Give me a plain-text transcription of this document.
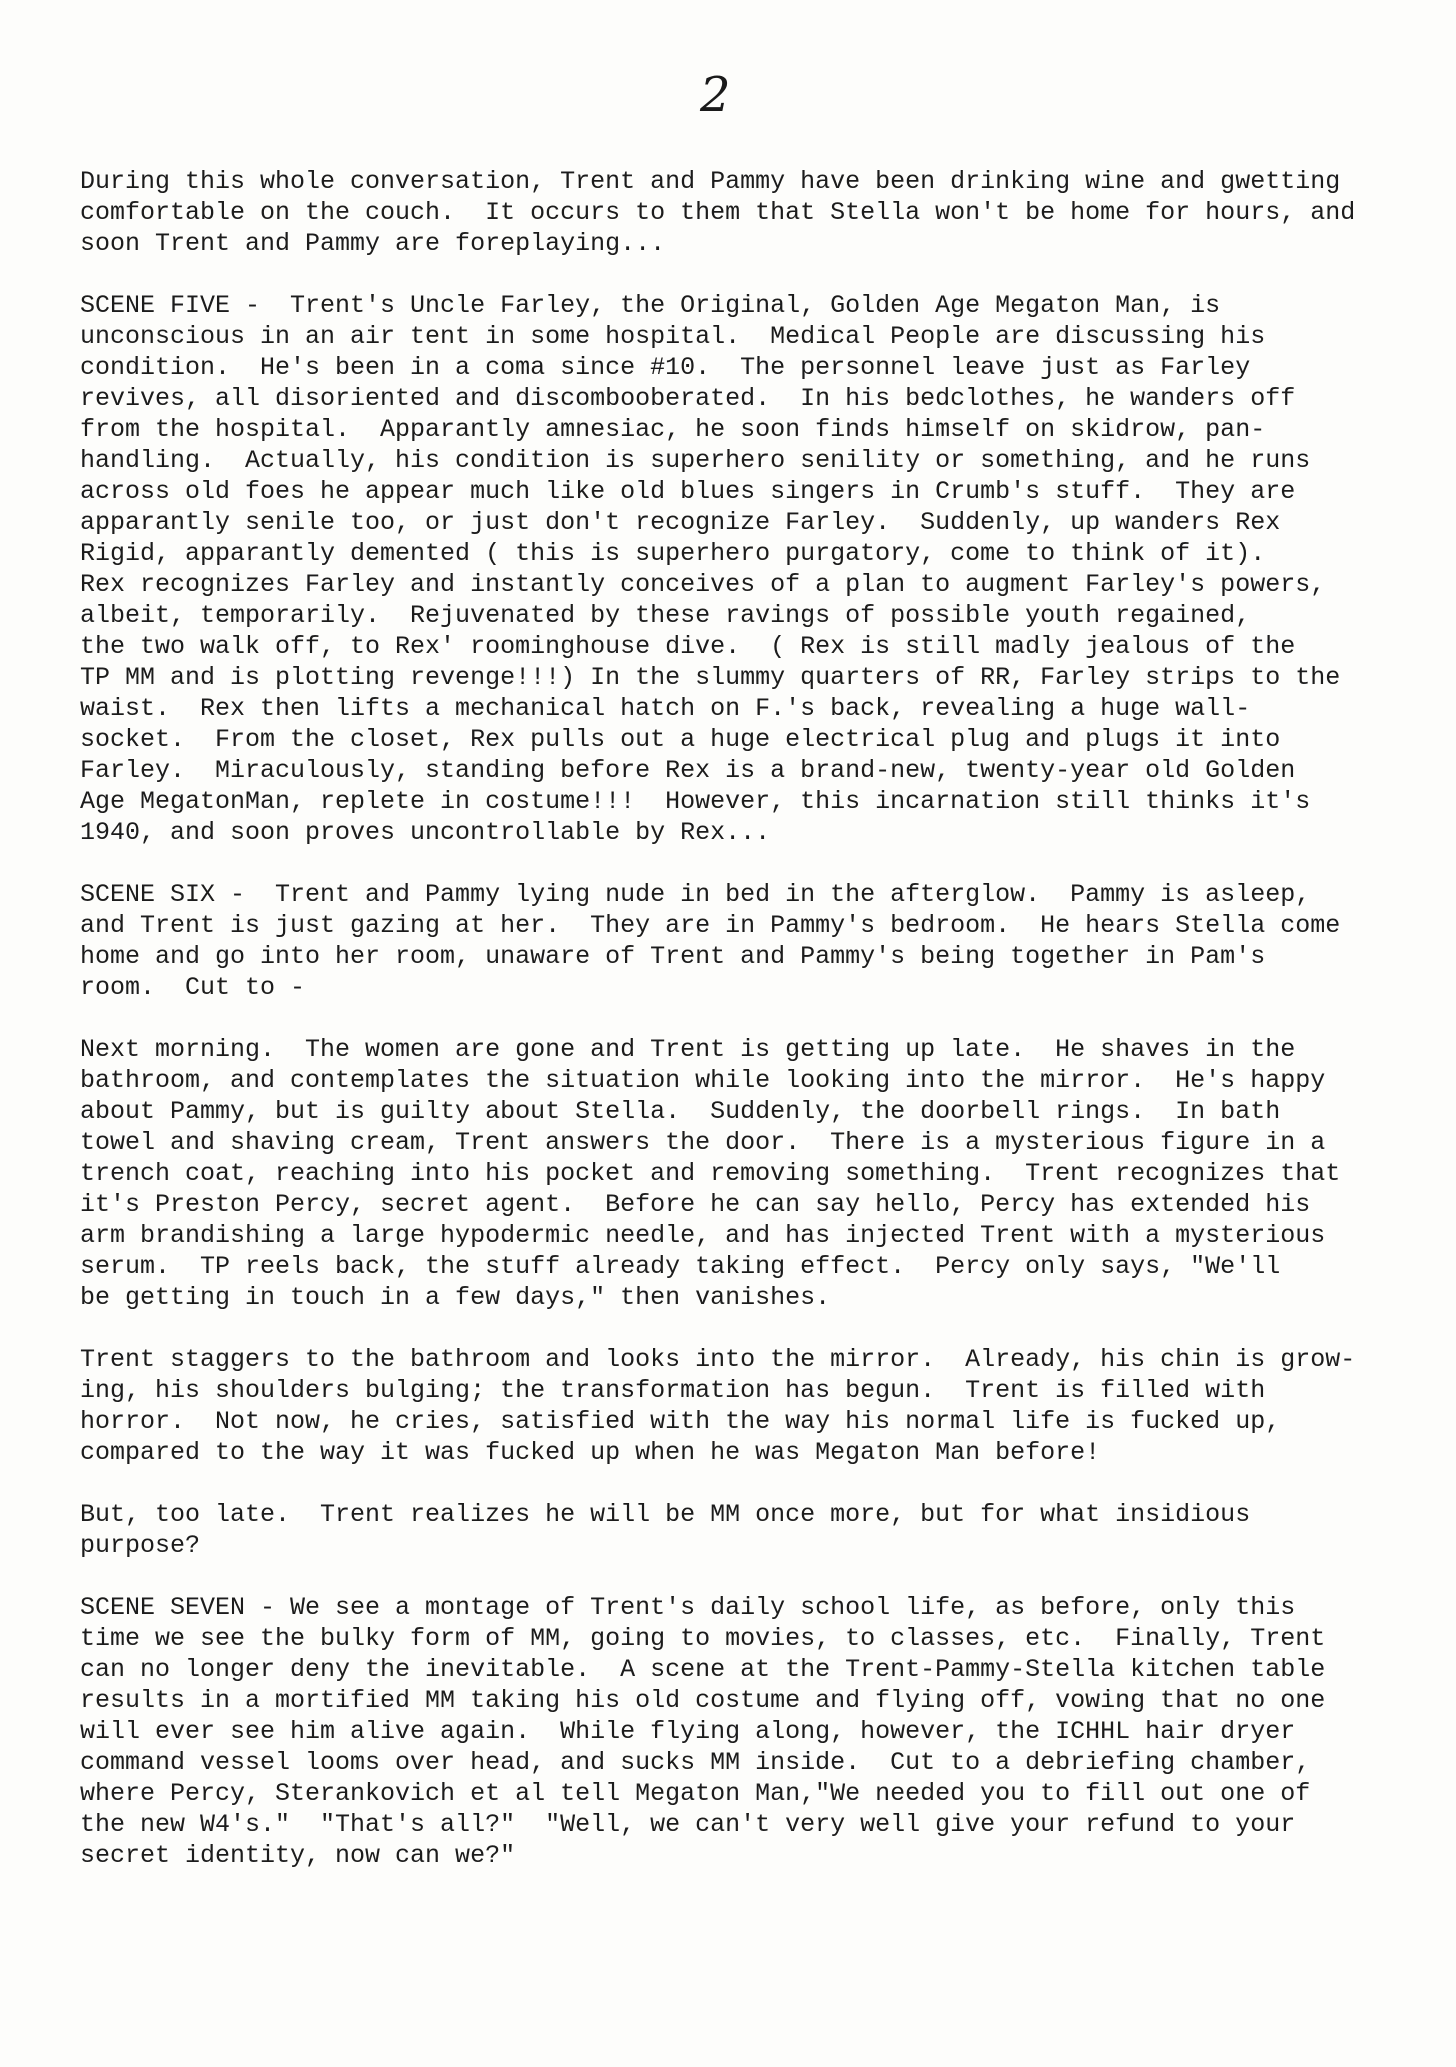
2
During this whole conversation, Trent and Pammy have been drinking wine and gwetting
comfortable on the couch.  It occurs to them that Stella won't be home for hours, and
soon Trent and Pammy are foreplaying...
SCENE FIVE -  Trent's Uncle Farley, the Original, Golden Age Megaton Man, is
unconscious in an air tent in some hospital.  Medical People are discussing his
condition.  He's been in a coma since #10.  The personnel leave just as Farley
revives, all disoriented and discombooberated.  In his bedclothes, he wanders off
from the hospital.  Apparantly amnesiac, he soon finds himself on skidrow, pan-
handling.  Actually, his condition is superhero senility or something, and he runs
across old foes he appear much like old blues singers in Crumb's stuff.  They are
apparantly senile too, or just don't recognize Farley.  Suddenly, up wanders Rex
Rigid, apparantly demented ( this is superhero purgatory, come to think of it).
Rex recognizes Farley and instantly conceives of a plan to augment Farley's powers,
albeit, temporarily.  Rejuvenated by these ravings of possible youth regained,
the two walk off, to Rex' roominghouse dive.  ( Rex is still madly jealous of the
TP MM and is plotting revenge!!!) In the slummy quarters of RR, Farley strips to the
waist.  Rex then lifts a mechanical hatch on F.'s back, revealing a huge wall-
socket.  From the closet, Rex pulls out a huge electrical plug and plugs it into
Farley.  Miraculously, standing before Rex is a brand-new, twenty-year old Golden
Age MegatonMan, replete in costume!!!  However, this incarnation still thinks it's
1940, and soon proves uncontrollable by Rex...
SCENE SIX -  Trent and Pammy lying nude in bed in the afterglow.  Pammy is asleep,
and Trent is just gazing at her.  They are in Pammy's bedroom.  He hears Stella come
home and go into her room, unaware of Trent and Pammy's being together in Pam's
room.  Cut to -
Next morning.  The women are gone and Trent is getting up late.  He shaves in the
bathroom, and contemplates the situation while looking into the mirror.  He's happy
about Pammy, but is guilty about Stella.  Suddenly, the doorbell rings.  In bath
towel and shaving cream, Trent answers the door.  There is a mysterious figure in a
trench coat, reaching into his pocket and removing something.  Trent recognizes that
it's Preston Percy, secret agent.  Before he can say hello, Percy has extended his
arm brandishing a large hypodermic needle, and has injected Trent with a mysterious
serum.  TP reels back, the stuff already taking effect.  Percy only says, "We'll
be getting in touch in a few days," then vanishes.
Trent staggers to the bathroom and looks into the mirror.  Already, his chin is grow-
ing, his shoulders bulging; the transformation has begun.  Trent is filled with
horror.  Not now, he cries, satisfied with the way his normal life is fucked up,
compared to the way it was fucked up when he was Megaton Man before!
But, too late.  Trent realizes he will be MM once more, but for what insidious
purpose?
SCENE SEVEN - We see a montage of Trent's daily school life, as before, only this
time we see the bulky form of MM, going to movies, to classes, etc.  Finally, Trent
can no longer deny the inevitable.  A scene at the Trent-Pammy-Stella kitchen table
results in a mortified MM taking his old costume and flying off, vowing that no one
will ever see him alive again.  While flying along, however, the ICHHL hair dryer
command vessel looms over head, and sucks MM inside.  Cut to a debriefing chamber,
where Percy, Sterankovich et al tell Megaton Man,"We needed you to fill out one of
the new W4's."  "That's all?"  "Well, we can't very well give your refund to your
secret identity, now can we?"
